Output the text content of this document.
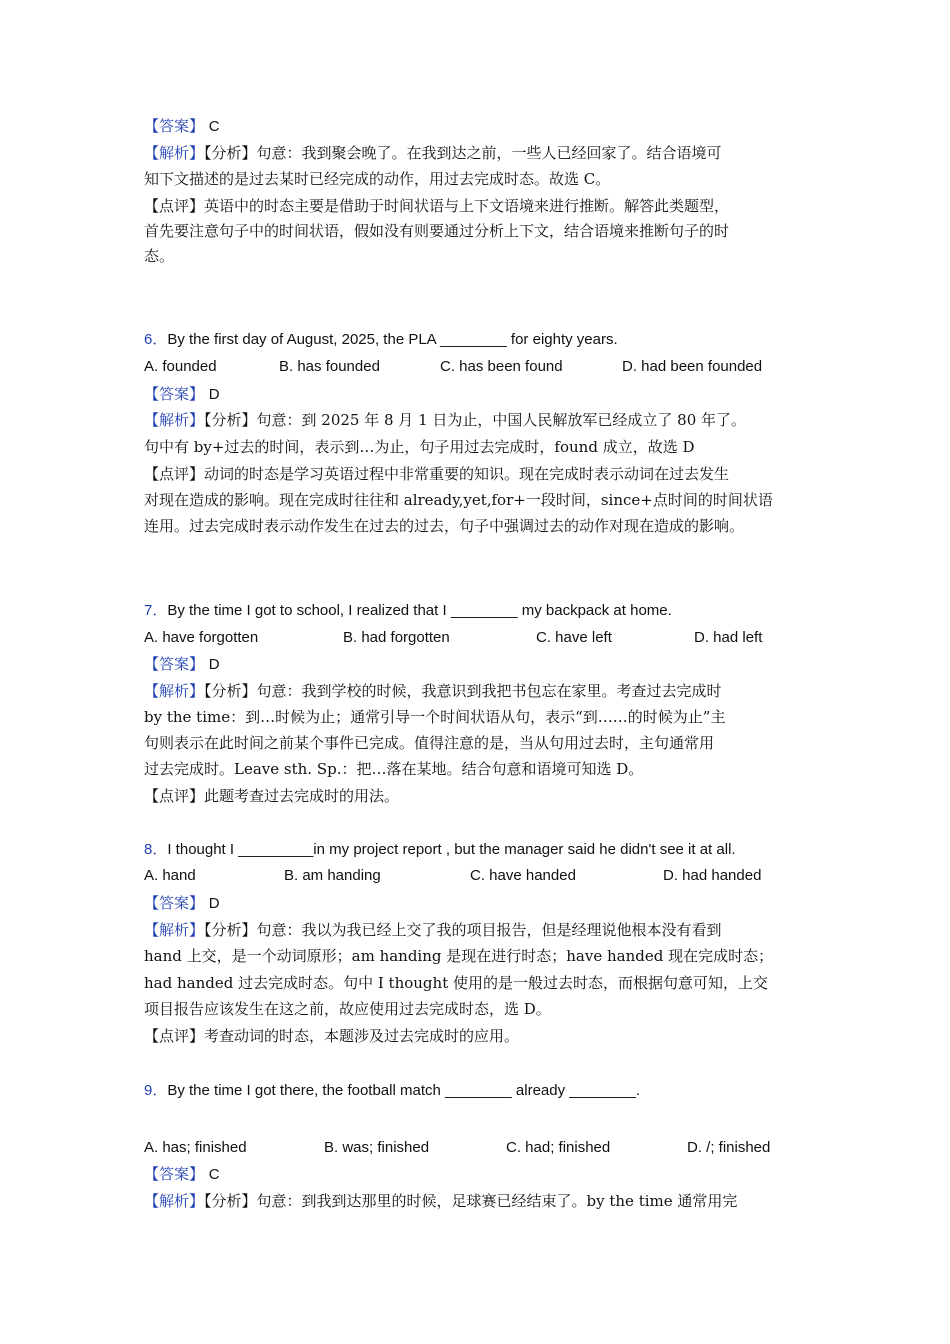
【答案】 C
【解析】【分析】句意：我到聚会晚了。在我到达之前，一些人已经回家了。结合语境可
知下文描述的是过去某时已经完成的动作，用过去完成时态。故选 C。
【点评】英语中的时态主要是借助于时间状语与上下文语境来进行推断。解答此类题型，
首先要注意句子中的时间状语，假如没有则要通过分析上下文，结合语境来推断句子的时
态。
6．By the first day of August, 2025, the PLA ________ for eighty years.
A. founded	B. has founded	C. has been found	D. had been founded
【答案】 D
【解析】【分析】句意：到 2025 年 8 月 1 日为止，中国人民解放军已经成立了 80 年了。
句中有 by+过去的时间，表示到…为止，句子用过去完成时，found 成立，故选 D
【点评】动词的时态是学习英语过程中非常重要的知识。现在完成时表示动词在过去发生
对现在造成的影响。现在完成时往往和 already,yet,for+一段时间，since+点时间的时间状语
连用。过去完成时表示动作发生在过去的过去，句子中强调过去的动作对现在造成的影响。
7．By the time I got to school, I realized that I ________ my backpack at home.
A. have forgotten	B. had forgotten	C. have left	D. had left
【答案】 D
【解析】【分析】句意：我到学校的时候，我意识到我把书包忘在家里。考查过去完成时
by the time：到…时候为止；通常引导一个时间状语从句，表示“到……的时候为止”主
句则表示在此时间之前某个事件已完成。值得注意的是，当从句用过去时，主句通常用
过去完成时。Leave sth. Sp.：把…落在某地。结合句意和语境可知选 D。
【点评】此题考查过去完成时的用法。
8．I thought I _________in my project report , but the manager said he didn't see it at all.
A. hand	B. am handing	C. have handed	D. had handed
【答案】 D
【解析】【分析】句意：我以为我已经上交了我的项目报告，但是经理说他根本没有看到
hand 上交，是一个动词原形；am handing 是现在进行时态；have handed 现在完成时态；
had handed 过去完成时态。句中 I thought 使用的是一般过去时态，而根据句意可知，上交
项目报告应该发生在这之前，故应使用过去完成时态，选 D。
【点评】考查动词的时态，本题涉及过去完成时的应用。
9．By the time I got there, the football match ________ already ________.
A. has; finished	B. was; finished	C. had; finished	D. /; finished
【答案】 C
【解析】【分析】句意：到我到达那里的时候，足球赛已经结束了。by the time 通常用完
